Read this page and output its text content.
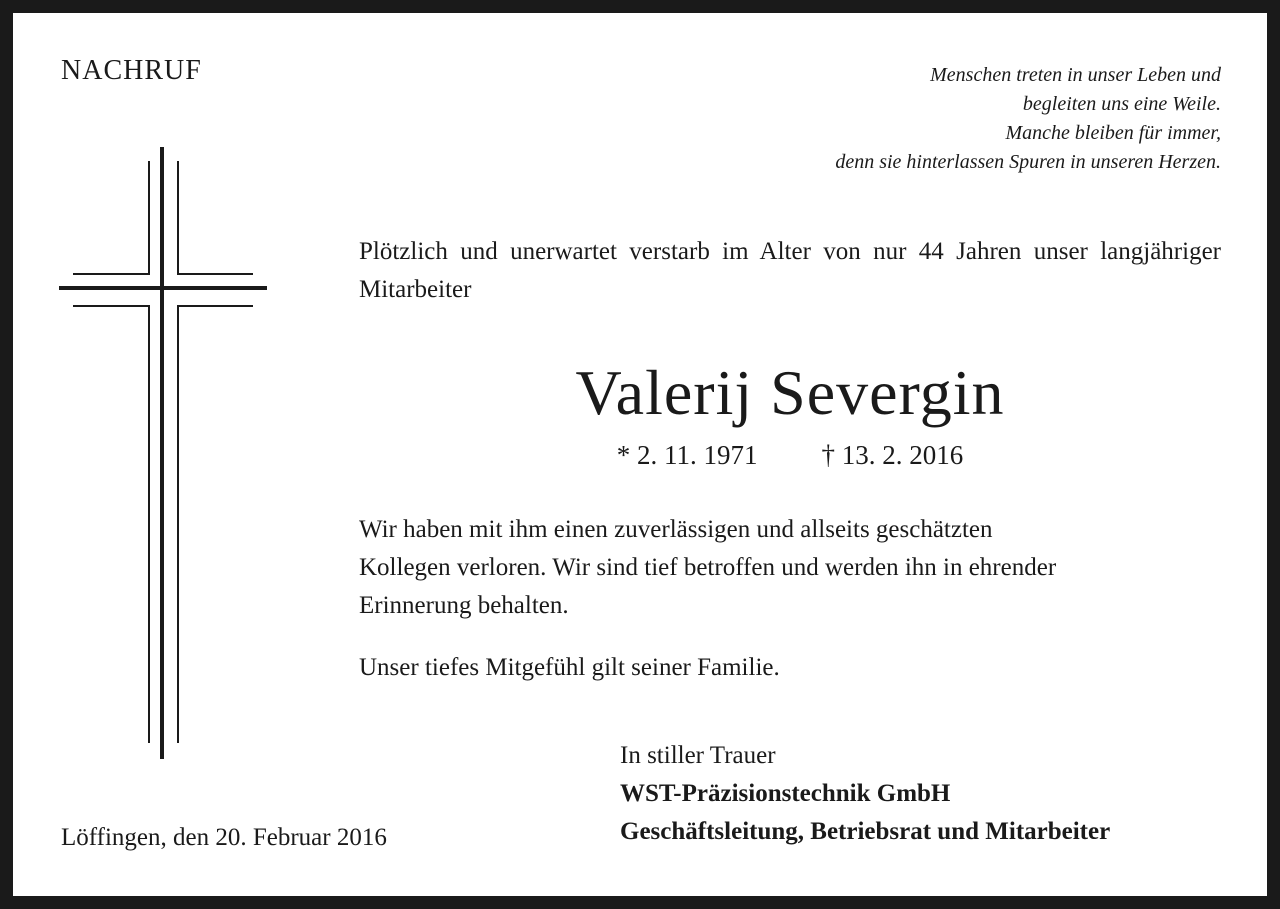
NACHRUF	Menschen treten in unser Leben und
begleiten uns eine Weile.
Manche bleiben für immer,
denn sie hinterlassen Spuren in unseren Herzen.
Plötzlich und unerwartet verstarb im Alter von nur 44 Jahren unser langjähriger Mitarbeiter
Valerij Severgin
* 2. 11. 1971 † 13. 2. 2016
Wir haben mit ihm einen zuverlässigen und allseits geschätzten
Kollegen verloren. Wir sind tief betroffen und werden ihn in ehrender
Erinnerung behalten.
Unser tiefes Mitgefühl gilt seiner Familie.
In stiller Trauer
WST-Präzisionstechnik GmbH
Geschäftsleitung, Betriebsrat und Mitarbeiter
Löffingen, den 20. Februar 2016
